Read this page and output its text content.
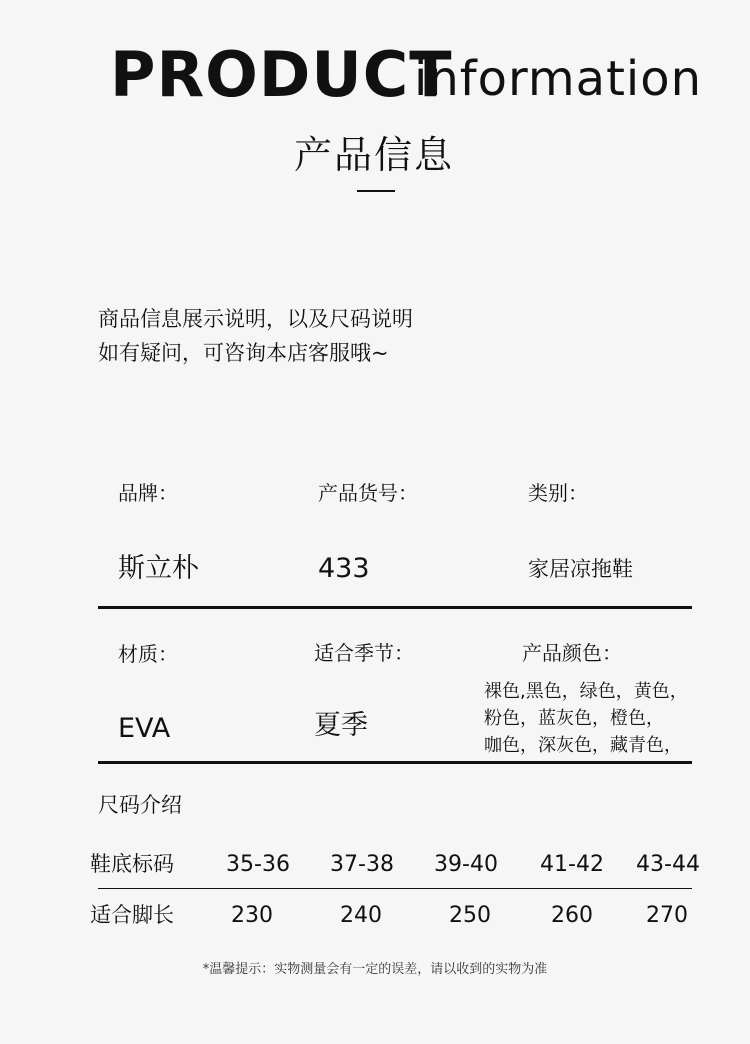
PRODUCT
information
产品信息
商品信息展示说明，以及尺码说明
如有疑问，可咨询本店客服哦~
品牌：	产品货号：	类别：
斯立朴	433	家居凉拖鞋
材质：	适合季节：	产品颜色：
EVA	夏季
裸色,黑色，绿色，黄色，
粉色，蓝灰色，橙色，
咖色，深灰色，藏青色，
尺码介绍
鞋底标码	35-36	37-38	39-40	41-42	43-44
适合脚长	230	240	250	260	270
*温馨提示：实物测量会有一定的误差，请以收到的实物为准
